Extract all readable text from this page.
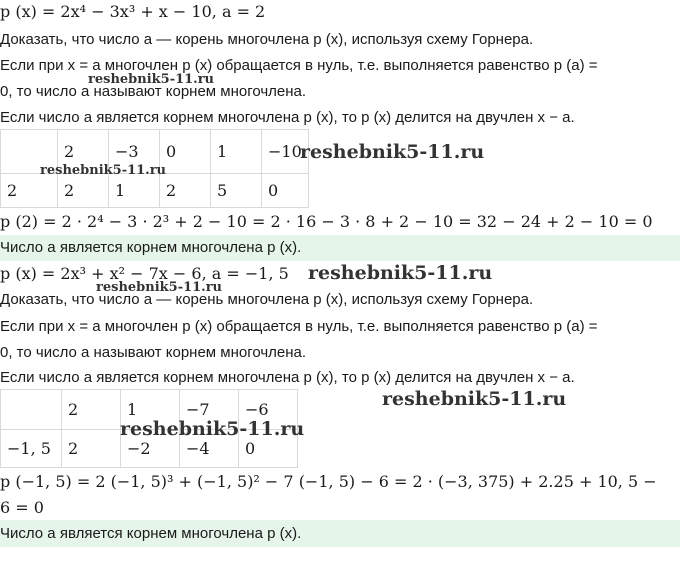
p (x) = 2x⁴ − 3x³ + x − 10, a = 2
Доказать, что число a — корень многочлена p (x), используя схему Горнера.
Если при x = a многочлен p (x) обращается в нуль, т.е. выполняется равенство p (a) =
0, то число a называют корнем многочлена.
Если число a является корнем многочлена p (x), то p (x) делится на двучлен x − a.
	2	−3	0	1	−10
2	2	1	2	5	0
p (2) = 2 · 2⁴ − 3 · 2³ + 2 − 10 = 2 · 16 − 3 · 8 + 2 − 10 = 32 − 24 + 2 − 10 = 0
Число a является корнем многочлена p (x).
p (x) = 2x³ + x² − 7x − 6, a = −1, 5
Доказать, что число a — корень многочлена p (x), используя схему Горнера.
Если при x = a многочлен p (x) обращается в нуль, т.е. выполняется равенство p (a) =
0, то число a называют корнем многочлена.
Если число a является корнем многочлена p (x), то p (x) делится на двучлен x − a.
	2	1	−7	−6
−1, 5	2	−2	−4	0
p (−1, 5) = 2 (−1, 5)³ + (−1, 5)² − 7 (−1, 5) − 6 = 2 · (−3, 375) + 2.25 + 10, 5 −
6 = 0
Число a является корнем многочлена p (x).
reshebnik5-11.ru
reshebnik5-11.ru
reshebnik5-11.ru
reshebnik5-11.ru
reshebnik5-11.ru
reshebnik5-11.ru
reshebnik5-11.ru
